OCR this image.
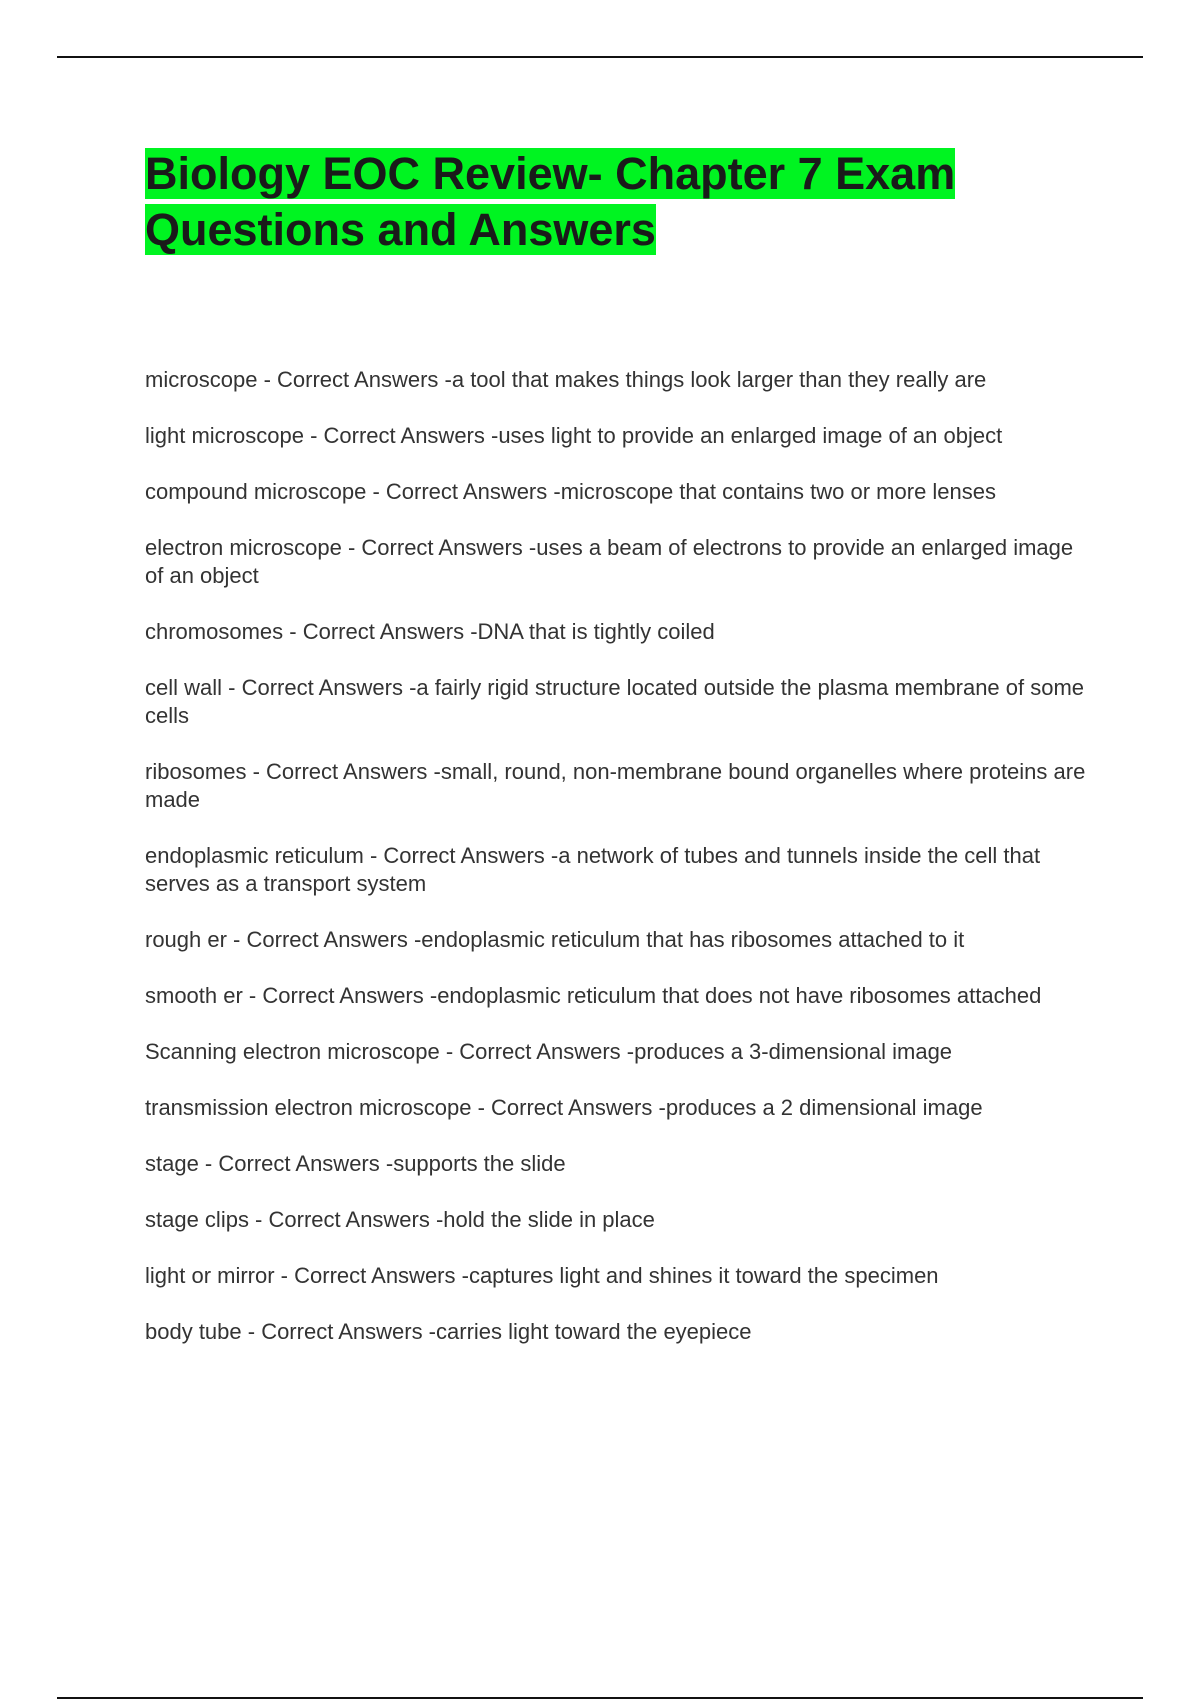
Biology EOC Review- Chapter 7 Exam Questions and Answers
microscope - Correct Answers -a tool that makes things look larger than they really are
light microscope - Correct Answers -uses light to provide an enlarged image of an object
compound microscope - Correct Answers -microscope that contains two or more lenses
electron microscope - Correct Answers -uses a beam of electrons to provide an enlarged image of an object
chromosomes - Correct Answers -DNA that is tightly coiled
cell wall - Correct Answers -a fairly rigid structure located outside the plasma membrane of some cells
ribosomes - Correct Answers -small, round, non-membrane bound organelles where proteins are made
endoplasmic reticulum - Correct Answers -a network of tubes and tunnels inside the cell that serves as a transport system
rough er - Correct Answers -endoplasmic reticulum that has ribosomes attached to it
smooth er - Correct Answers -endoplasmic reticulum that does not have ribosomes attached
Scanning electron microscope - Correct Answers -produces a 3-dimensional image
transmission electron microscope - Correct Answers -produces a 2 dimensional image
stage - Correct Answers -supports the slide
stage clips - Correct Answers -hold the slide in place
light or mirror - Correct Answers -captures light and shines it toward the specimen
body tube - Correct Answers -carries light toward the eyepiece
